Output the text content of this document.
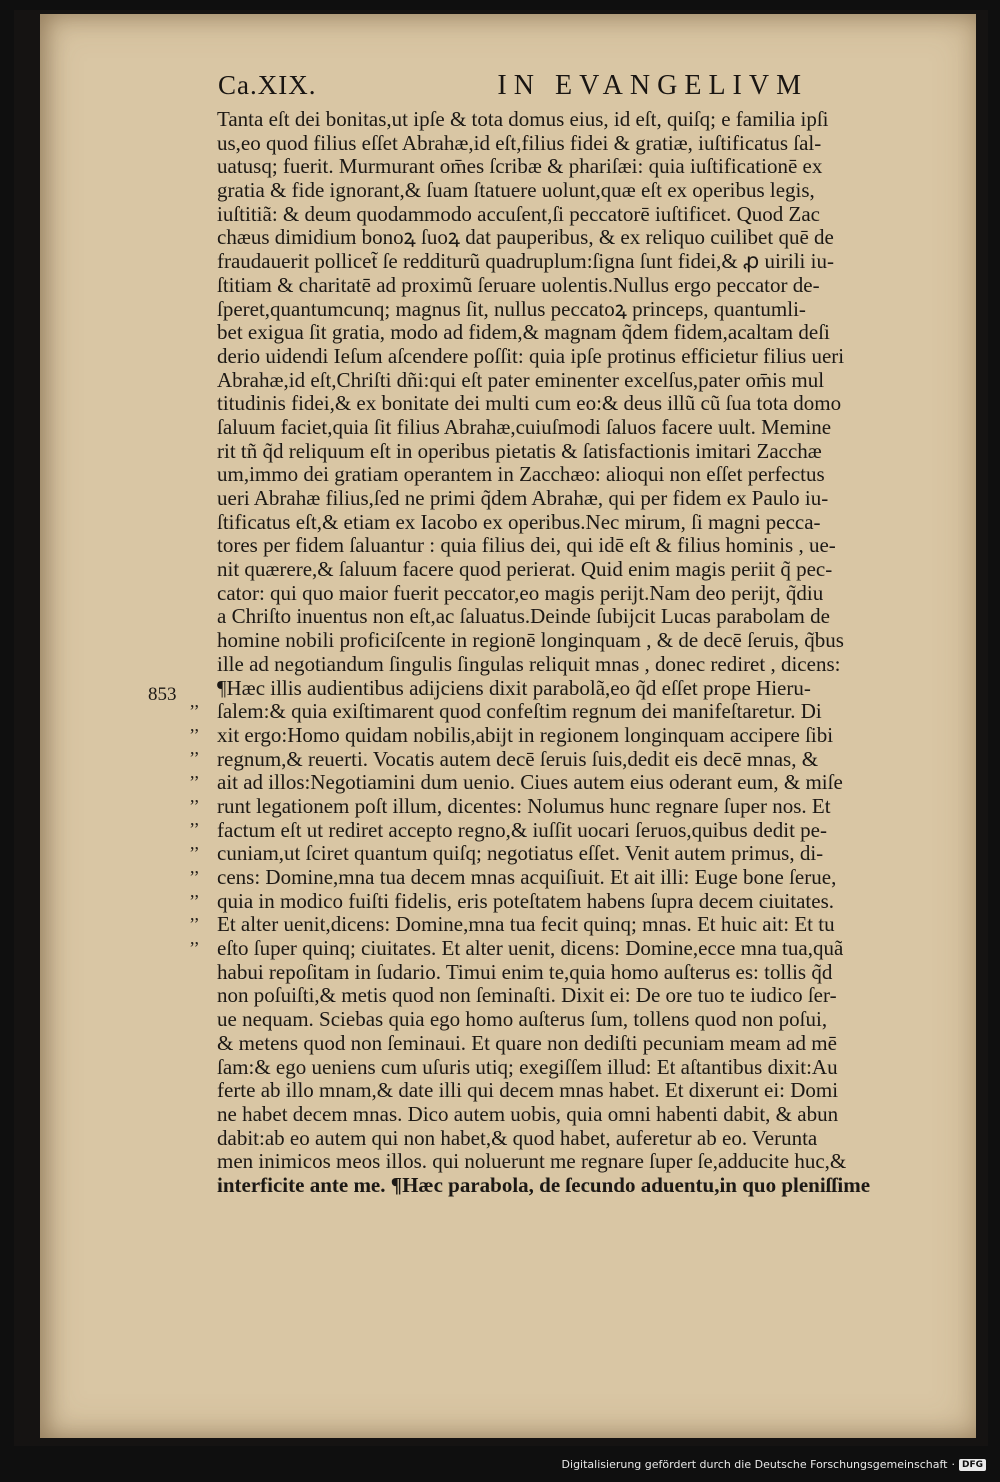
Ca.XIX.	IN EVANGELIVM
853 ,,
,,
,,
,,
,,
,,
,,
,,
,,
,,
,,
Tanta eſt dei bonitas,ut ipſe & tota domus eius, id eſt, quiſq; e familia ipſi
us,eo quod filius eſſet Abrahæ,id eſt,filius fidei & gratiæ, iuſtificatus ſal-
uatusq; fuerit. Murmurant om̄es ſcribæ & phariſæi: quia iuſtificationē ex
gratia & fide ignorant,& ſuam ſtatuere uolunt,quæ eſt ex operibus legis,
iuſtitiã: & deum quodammodo accuſent,ſi peccatorē iuſtificet. Quod Zac
chæus dimidium bonoꝝ ſuoꝝ dat pauperibus, & ex reliquo cuilibet quē de
fraudauerit pollicet̃ ſe redditurũ quadruplum:ſigna ſunt fidei,& ꝓ uirili iu-
ſtitiam & charitatē ad proximũ ſeruare uolentis.Nullus ergo peccator de-
ſperet,quantumcunq; magnus ſit, nullus peccatoꝝ princeps, quantumli-
bet exigua ſit gratia, modo ad fidem,& magnam q̃dem fidem,acaltam deſi
derio uidendi Ieſum aſcendere poſſit: quia ipſe protinus efficietur filius ueri
Abrahæ,id eſt,Chriſti dñi:qui eſt pater eminenter excelſus,pater om̄is mul
titudinis fidei,& ex bonitate dei multi cum eo:& deus illũ cũ ſua tota domo
ſaluum faciet,quia ſit filius Abrahæ,cuiuſmodi ſaluos facere uult. Memine
rit tñ q̃d reliquum eſt in operibus pietatis & ſatisfactionis imitari Zacchæ
um,immo dei gratiam operantem in Zacchæo: alioqui non eſſet perfectus
ueri Abrahæ filius,ſed ne primi q̃dem Abrahæ, qui per fidem ex Paulo iu-
ſtificatus eſt,& etiam ex Iacobo ex operibus.Nec mirum, ſi magni pecca-
tores per fidem ſaluantur : quia filius dei, qui idē eſt & filius hominis , ue-
nit quærere,& ſaluum facere quod perierat. Quid enim magis periit q̃ pec-
cator: qui quo maior fuerit peccator,eo magis perijt.Nam deo perijt, q̃diu
a Chriſto inuentus non eſt,ac ſaluatus.Deinde ſubijcit Lucas parabolam de
homine nobili proficiſcente in regionē longinquam , & de decē ſeruis, q̃bus
ille ad negotiandum ſingulis ſingulas reliquit mnas , donec rediret , dicens:
¶Hæc illis audientibus adijciens dixit parabolã,eo q̃d eſſet prope Hieru-
ſalem:& quia exiſtimarent quod confeſtim regnum dei manifeſtaretur. Di
xit ergo:Homo quidam nobilis,abijt in regionem longinquam accipere ſibi
regnum,& reuerti. Vocatis autem decē ſeruis ſuis,dedit eis decē mnas, &
ait ad illos:Negotiamini dum uenio. Ciues autem eius oderant eum, & miſe
runt legationem poſt illum, dicentes: Nolumus hunc regnare ſuper nos. Et
factum eſt ut rediret accepto regno,& iuſſit uocari ſeruos,quibus dedit pe-
cuniam,ut ſciret quantum quiſq; negotiatus eſſet. Venit autem primus, di-
cens: Domine,mna tua decem mnas acquiſiuit. Et ait illi: Euge bone ſerue,
quia in modico fuiſti fidelis, eris poteſtatem habens ſupra decem ciuitates.
Et alter uenit,dicens: Domine,mna tua fecit quinq; mnas. Et huic ait: Et tu
eſto ſuper quinq; ciuitates. Et alter uenit, dicens: Domine,ecce mna tua,quã
habui repoſitam in ſudario. Timui enim te,quia homo auſterus es: tollis q̃d
non poſuiſti,& metis quod non ſeminaſti. Dixit ei: De ore tuo te iudico ſer-
ue nequam. Sciebas quia ego homo auſterus ſum, tollens quod non poſui,
& metens quod non ſeminaui. Et quare non dediſti pecuniam meam ad mē
ſam:& ego ueniens cum uſuris utiq; exegiſſem illud: Et aſtantibus dixit:Au
ferte ab illo mnam,& date illi qui decem mnas habet. Et dixerunt ei: Domi
ne habet decem mnas. Dico autem uobis, quia omni habenti dabit, & abun
dabit:ab eo autem qui non habet,& quod habet, auferetur ab eo. Verunta
men inimicos meos illos. qui noluerunt me regnare ſuper ſe,adducite huc,&
interficite ante me. ¶Hæc parabola, de ſecundo aduentu,in quo pleniſſime
Digitalisierung gefördert durch die Deutsche Forschungsgemeinschaft · DFG
